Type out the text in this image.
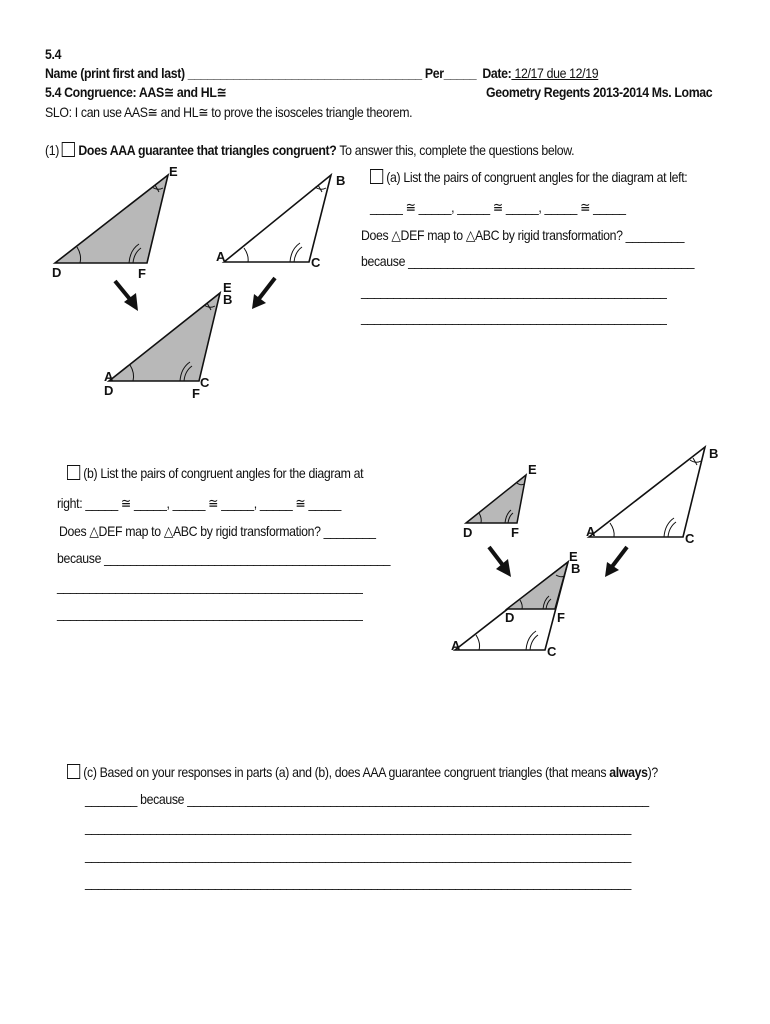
5.4
Name (print first and last) ____________________________________ Per_____ Date: 12/17 due 12/19
5.4 Congruence: AAS≅ and HL≅	Geometry Regents 2013-2014 Ms. Lomac
SLO: I can use AAS≅ and HL≅ to prove the isosceles triangle theorem.
(1) Does AAA guarantee that triangles congruent? To answer this, complete the questions below.
(a) List the pairs of congruent angles for the diagram at left:
_____ ≅ _____, _____ ≅ _____, _____ ≅ _____
Does △DEF map to △ABC by rigid transformation? _________
because ____________________________________________
_______________________________________________
_______________________________________________
D
E
F
A
B
C
A
D
E
B
C
F
(b) List the pairs of congruent angles for the diagram at
right: _____ ≅ _____, _____ ≅ _____, _____ ≅ _____
Does △DEF map to △ABC by rigid transformation? ________
because ____________________________________________
_______________________________________________
_______________________________________________
D
E
F	A
B
C
A
E
B
D	F
C
(c) Based on your responses in parts (a) and (b), does AAA guarantee congruent triangles (that means always)?
________ because _______________________________________________________________________
____________________________________________________________________________________
____________________________________________________________________________________
____________________________________________________________________________________
